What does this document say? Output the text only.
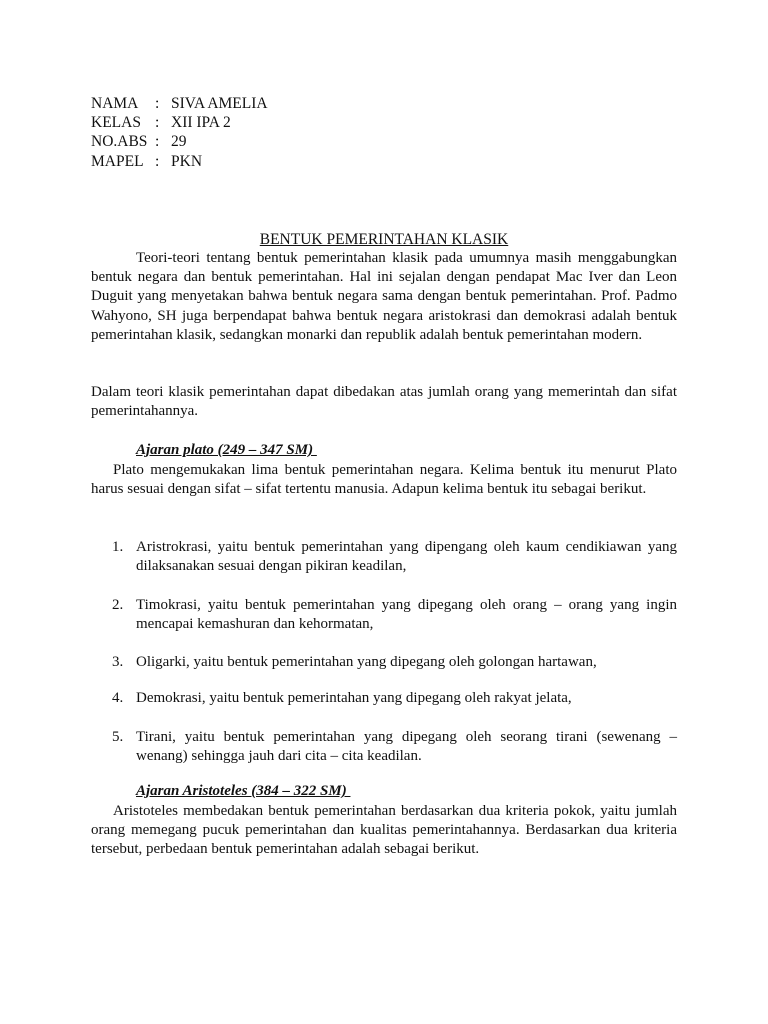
NAMA : SIVA AMELIA
KELAS : XII IPA 2
NO.ABS : 29
MAPEL : PKN
BENTUK PEMERINTAHAN KLASIK

Teori-teori tentang bentuk pemerintahan klasik pada umumnya masih menggabungkan bentuk negara dan bentuk pemerintahan. Hal ini sejalan dengan pendapat Mac Iver dan Leon Duguit yang menyetakan bahwa bentuk negara sama dengan bentuk pemerintahan. Prof. Padmo Wahyono, SH juga berpendapat bahwa bentuk negara aristokrasi dan demokrasi adalah bentuk pemerintahan klasik, sedangkan monarki dan republik adalah bentuk pemerintahan modern.

Dalam teori klasik pemerintahan dapat dibedakan atas jumlah orang yang memerintah dan sifat pemerintahannya.

Ajaran plato (249 – 347 SM)

Plato mengemukakan lima bentuk pemerintahan negara. Kelima bentuk itu menurut Plato harus sesuai dengan sifat – sifat tertentu manusia. Adapun kelima bentuk itu sebagai berikut.

1. Aristrokrasi, yaitu bentuk pemerintahan yang dipengang oleh kaum cendikiawan yang dilaksanakan sesuai dengan pikiran keadilan,
2. Timokrasi, yaitu bentuk pemerintahan yang dipegang oleh orang – orang yang ingin mencapai kemashuran dan kehormatan,
3. Oligarki, yaitu bentuk pemerintahan yang dipegang oleh golongan hartawan,
4. Demokrasi, yaitu bentuk pemerintahan yang dipegang oleh rakyat jelata,
5. Tirani, yaitu bentuk pemerintahan yang dipegang oleh seorang tirani (sewenang – wenang) sehingga jauh dari cita – cita keadilan.
Ajaran Aristoteles (384 – 322 SM)

Aristoteles membedakan bentuk pemerintahan berdasarkan dua kriteria pokok, yaitu jumlah orang memegang pucuk pemerintahan dan kualitas pemerintahannya. Berdasarkan dua kriteria tersebut, perbedaan bentuk pemerintahan adalah sebagai berikut.
